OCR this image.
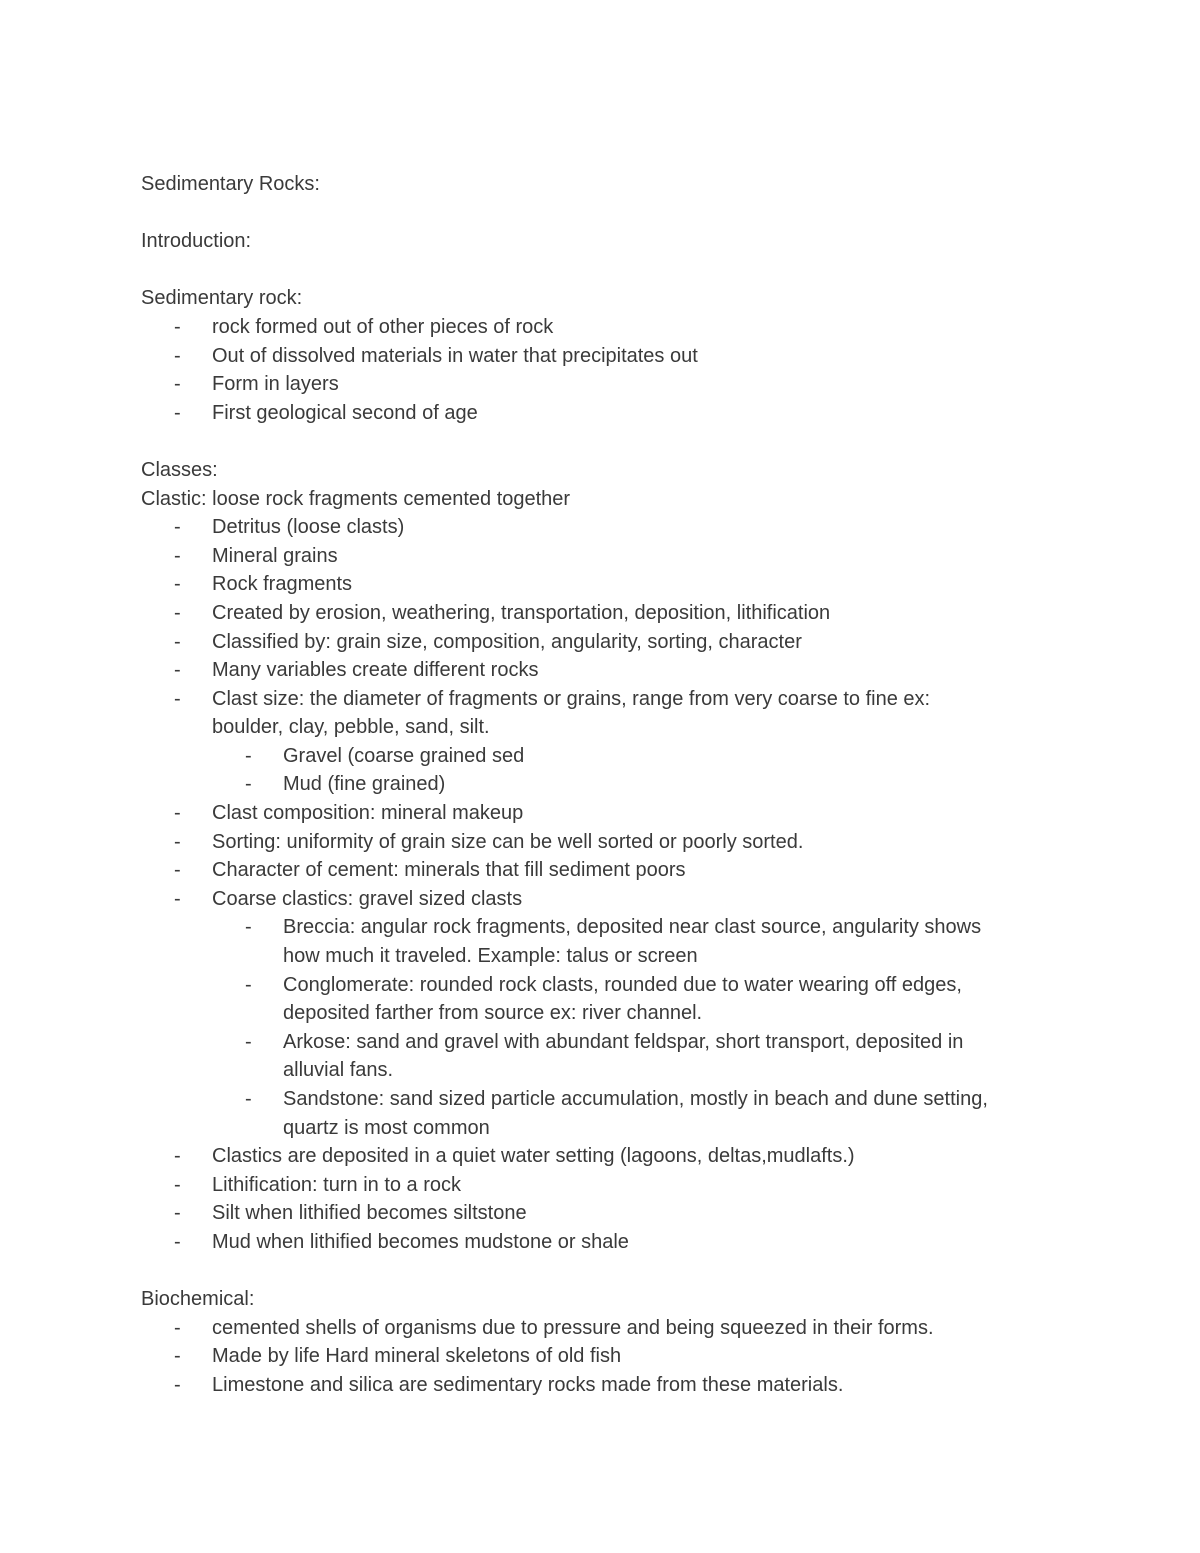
Sedimentary Rocks:
Introduction:
Sedimentary rock:
- rock formed out of other pieces of rock
- Out of dissolved materials in water that precipitates out
- Form in layers
- First geological second of age
Classes:
Clastic: loose rock fragments cemented together
- Detritus (loose clasts)
- Mineral grains
- Rock fragments
- Created by erosion, weathering, transportation, deposition, lithification
- Classified by: grain size, composition, angularity, sorting, character
- Many variables create different rocks
- Clast size: the diameter of fragments or grains, range from very coarse to fine ex:
boulder, clay, pebble, sand, silt.
- Gravel (coarse grained sed
- Mud (fine grained)
- Clast composition: mineral makeup
- Sorting: uniformity of grain size can be well sorted or poorly sorted.
- Character of cement: minerals that fill sediment poors
- Coarse clastics: gravel sized clasts
- Breccia: angular rock fragments, deposited near clast source, angularity shows
how much it traveled. Example: talus or screen
- Conglomerate: rounded rock clasts, rounded due to water wearing off edges,
deposited farther from source ex: river channel.
- Arkose: sand and gravel with abundant feldspar, short transport, deposited in
alluvial fans.
- Sandstone: sand sized particle accumulation, mostly in beach and dune setting,
quartz is most common
- Clastics are deposited in a quiet water setting (lagoons, deltas,mudlafts.)
- Lithification: turn in to a rock
- Silt when lithified becomes siltstone
- Mud when lithified becomes mudstone or shale
Biochemical:
- cemented shells of organisms due to pressure and being squeezed in their forms.
- Made by life Hard mineral skeletons of old fish
- Limestone and silica are sedimentary rocks made from these materials.
